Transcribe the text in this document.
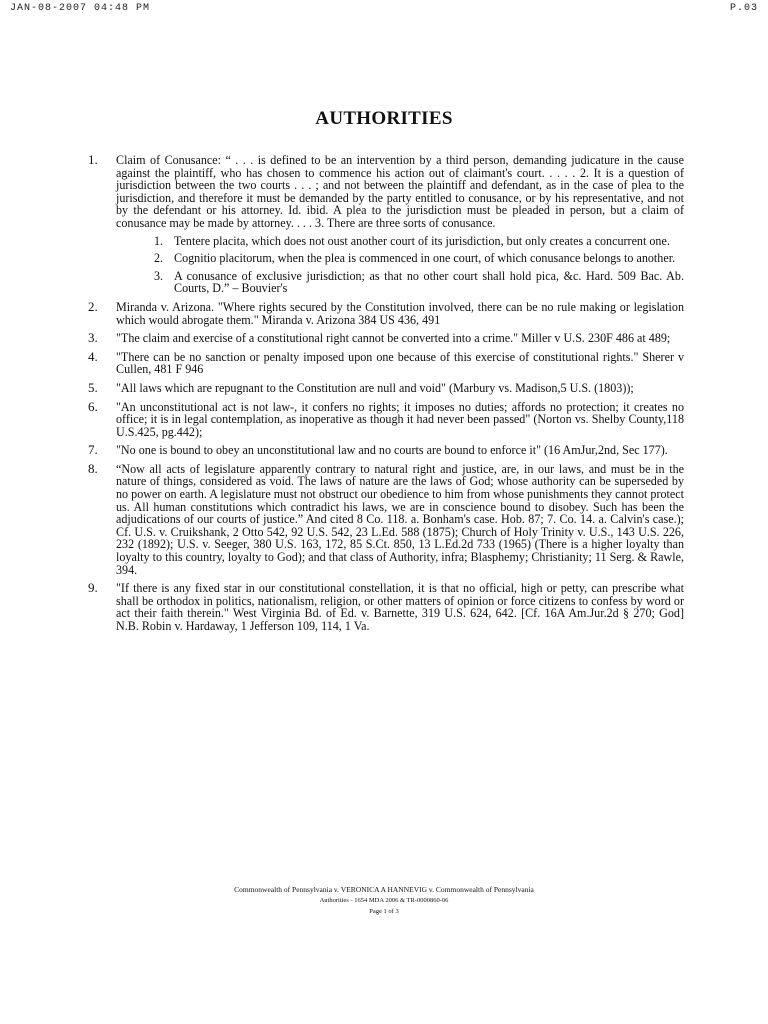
JAN-08-2007 04:48 PM	P.03
AUTHORITIES
1. Claim of Conusance: “ . . . is defined to be an intervention by a third person, demanding judicature in the cause against the plaintiff, who has chosen to commence his action out of claimant's court. . . . . 2. It is a question of jurisdiction between the two courts . . . ; and not between the plaintiff and defendant, as in the case of plea to the jurisdiction, and therefore it must be demanded by the party entitled to conusance, or by his representative, and not by the defendant or his attorney. Id. ibid. A plea to the jurisdiction must be pleaded in person, but a claim of conusance may be made by attorney. . . . 3. There are three sorts of conusance.
1. Tentere placita, which does not oust another court of its jurisdiction, but only creates a concurrent one.
2. Cognitio placitorum, when the plea is commenced in one court, of which conusance belongs to another.
3. A conusance of exclusive jurisdiction; as that no other court shall hold pica, &c. Hard. 509 Bac. Ab. Courts, D.” – Bouvier's
2. Miranda v. Arizona. "Where rights secured by the Constitution involved, there can be no rule making or legislation which would abrogate them." Miranda v. Arizona 384 US 436, 491
3. "The claim and exercise of a constitutional right cannot be converted into a crime." Miller v U.S. 230F 486 at 489;
4. "There can be no sanction or penalty imposed upon one because of this exercise of constitutional rights." Sherer v Cullen, 481 F 946
5. "All laws which are repugnant to the Constitution are null and void" (Marbury vs. Madison,5 U.S. (1803));
6. "An unconstitutional act is not law-, it confers no rights; it imposes no duties; affords no protection; it creates no office; it is in legal contemplation, as inoperative as though it had never been passed" (Norton vs. Shelby County,118 U.S.425, pg.442);
7. "No one is bound to obey an unconstitutional law and no courts are bound to enforce it" (16 AmJur,2nd, Sec 177).
8. “Now all acts of legislature apparently contrary to natural right and justice, are, in our laws, and must be in the nature of things, considered as void. The laws of nature are the laws of God; whose authority can be superseded by no power on earth. A legislature must not obstruct our obedience to him from whose punishments they cannot protect us. All human constitutions which contradict his laws, we are in conscience bound to disobey. Such has been the adjudications of our courts of justice.” And cited 8 Co. 118. a. Bonham's case. Hob. 87; 7. Co. 14. a. Calvin's case.); Cf. U.S. v. Cruikshank, 2 Otto 542, 92 U.S. 542, 23 L.Ed. 588 (1875); Church of Holy Trinity v. U.S., 143 U.S. 226, 232 (1892); U.S. v. Seeger, 380 U.S. 163, 172, 85 S.Ct. 850, 13 L.Ed.2d 733 (1965) (There is a higher loyalty than loyalty to this country, loyalty to God); and that class of Authority, infra; Blasphemy; Christianity; 11 Serg. & Rawle, 394.
9. "If there is any fixed star in our constitutional constellation, it is that no official, high or petty, can prescribe what shall be orthodox in politics, nationalism, religion, or other matters of opinion or force citizens to confess by word or act their faith therein." West Virginia Bd. of Ed. v. Barnette, 319 U.S. 624, 642. [Cf. 16A Am.Jur.2d § 270; God] N.B. Robin v. Hardaway, 1 Jefferson 109, 114, 1 Va.
Commonwealth of Pennsylvania v. VERONICA A HANNEVIG v. Commonwealth of Pennsylvania
Authorities - 1654 MDA 2006 & TR-0000860-06
Page 1 of 3
